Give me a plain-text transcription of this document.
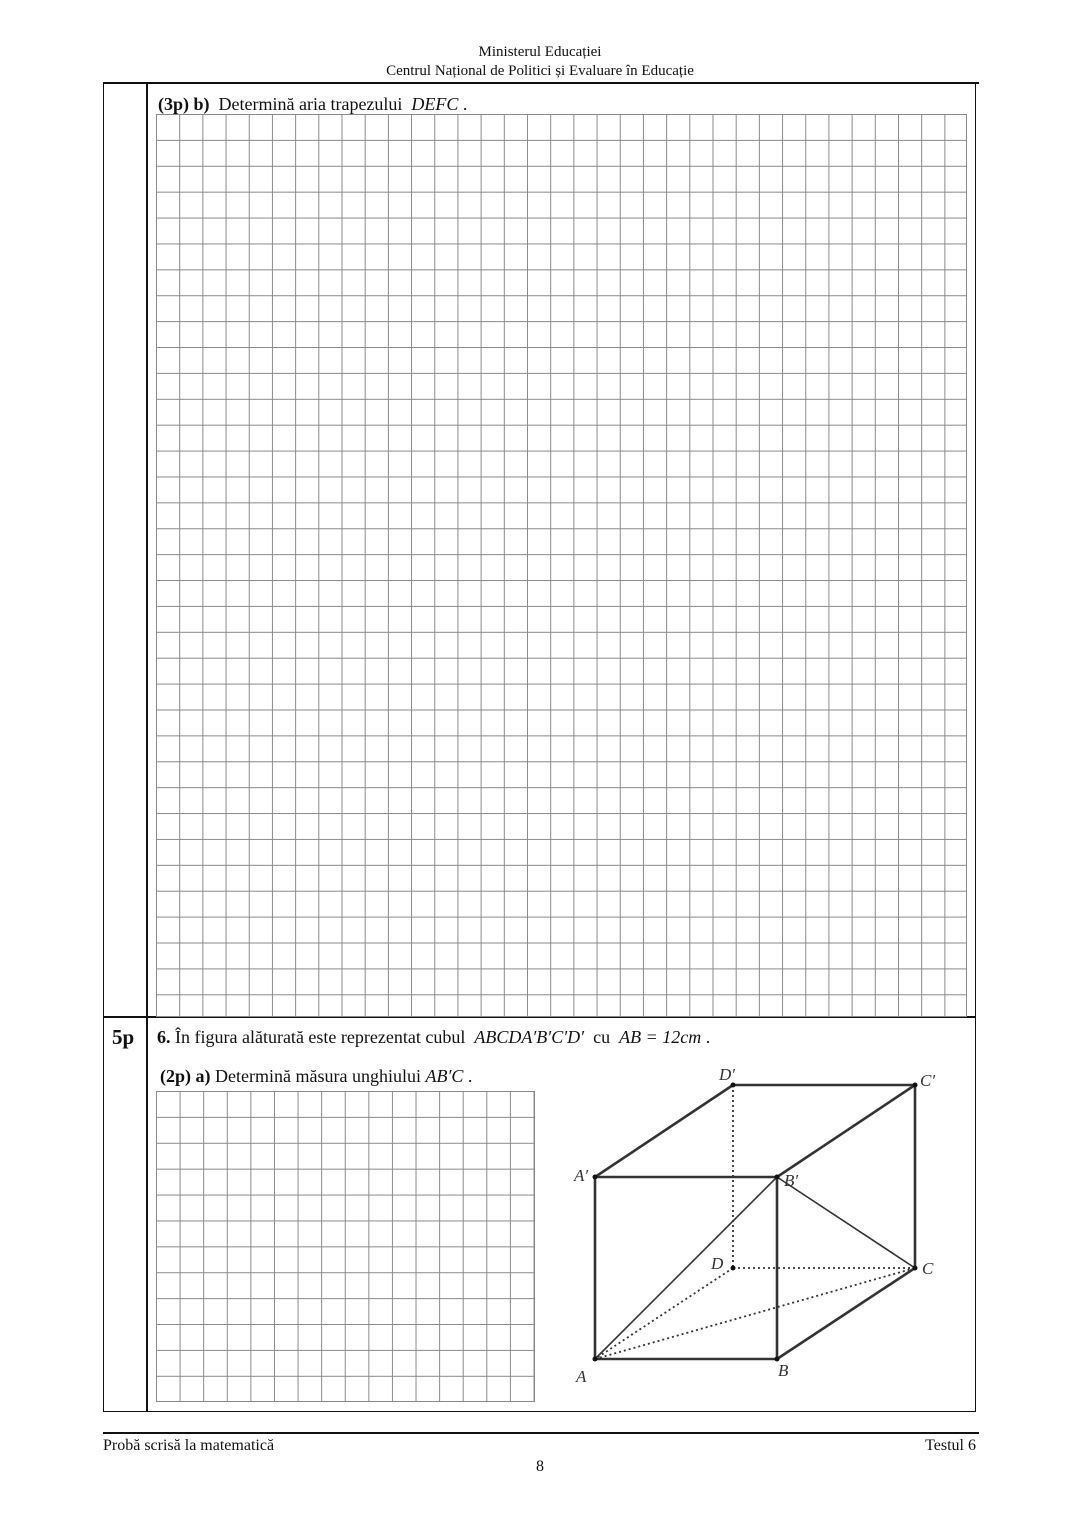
Ministerul Educației
Centrul Național de Politici și Evaluare în Educație
(3p) b) Determină aria trapezului DEFC .
5p 6. În figura alăturată este reprezentat cubul ABCDA′B′C′D′ cu AB = 12cm .
(2p) a) Determină măsura unghiului AB′C .
A	B
C
D
A′	B′
C′
D′
Probă scrisă la matematică	Testul 6
8
